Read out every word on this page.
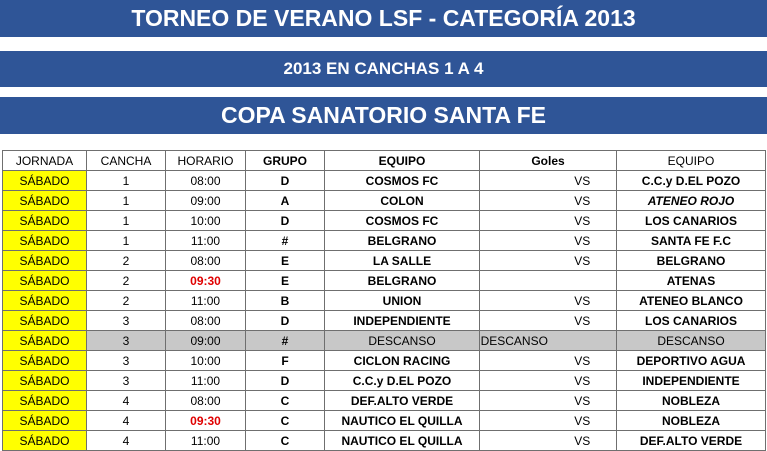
TORNEO DE VERANO LSF - CATEGORÍA 2013
2013 EN CANCHAS 1 A 4
COPA SANATORIO SANTA FE
JORNADA	CANCHA	HORARIO	GRUPO	EQUIPO	Goles		EQUIPO
SÁBADO	1	08:00	D	COSMOS FC		VS	C.C.y D.EL POZO
SÁBADO	1	09:00	A	COLON		VS	ATENEO ROJO
SÁBADO	1	10:00	D	COSMOS FC		VS	LOS CANARIOS
SÁBADO	1	11:00	#	BELGRANO		VS	SANTA FE F.C
SÁBADO	2	08:00	E	LA SALLE		VS	BELGRANO
SÁBADO	2	09:30	E	BELGRANO			ATENAS
SÁBADO	2	11:00	B	UNION		VS	ATENEO BLANCO
SÁBADO	3	08:00	D	INDEPENDIENTE		VS	LOS CANARIOS
SÁBADO	3	09:00	#	DESCANSO	DESCANSO		DESCANSO
SÁBADO	3	10:00	F	CICLON RACING		VS	DEPORTIVO AGUA
SÁBADO	3	11:00	D	C.C.y D.EL POZO		VS	INDEPENDIENTE
SÁBADO	4	08:00	C	DEF.ALTO VERDE		VS	NOBLEZA
SÁBADO	4	09:30	C	NAUTICO EL QUILLA		VS	NOBLEZA
SÁBADO	4	11:00	C	NAUTICO EL QUILLA		VS	DEF.ALTO VERDE
